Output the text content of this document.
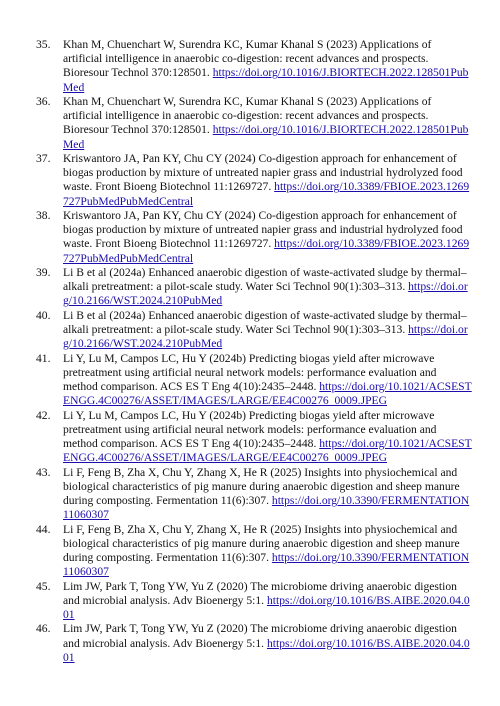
35.	Khan M, Chuenchart W, Surendra KC, Kumar Khanal S (2023) Applications of artificial intelligence in anaerobic co-digestion: recent advances and prospects. Bioresour Technol 370:128501. https://doi.org/10.1016/J.BIORTECH.2022.128501PubMed
36.	Khan M, Chuenchart W, Surendra KC, Kumar Khanal S (2023) Applications of artificial intelligence in anaerobic co-digestion: recent advances and prospects. Bioresour Technol 370:128501. https://doi.org/10.1016/J.BIORTECH.2022.128501PubMed
37.	Kriswantoro JA, Pan KY, Chu CY (2024) Co-digestion approach for enhancement of biogas production by mixture of untreated napier grass and industrial hydrolyzed food waste. Front Bioeng Biotechnol 11:1269727. https://doi.org/10.3389/FBIOE.2023.1269727PubMedPubMedCentral
38.	Kriswantoro JA, Pan KY, Chu CY (2024) Co-digestion approach for enhancement of biogas production by mixture of untreated napier grass and industrial hydrolyzed food waste. Front Bioeng Biotechnol 11:1269727. https://doi.org/10.3389/FBIOE.2023.1269727PubMedPubMedCentral
39.	Li B et al (2024a) Enhanced anaerobic digestion of waste-activated sludge by thermal–alkali pretreatment: a pilot-scale study. Water Sci Technol 90(1):303–313. https://doi.org/10.2166/WST.2024.210PubMed
40.	Li B et al (2024a) Enhanced anaerobic digestion of waste-activated sludge by thermal–alkali pretreatment: a pilot-scale study. Water Sci Technol 90(1):303–313. https://doi.org/10.2166/WST.2024.210PubMed
41.	Li Y, Lu M, Campos LC, Hu Y (2024b) Predicting biogas yield after microwave pretreatment using artificial neural network models: performance evaluation and method comparison. ACS ES T Eng 4(10):2435–2448. https://doi.org/10.1021/ACSESTENGG.4C00276/ASSET/IMAGES/LARGE/EE4C00276_0009.JPEG
42.	Li Y, Lu M, Campos LC, Hu Y (2024b) Predicting biogas yield after microwave pretreatment using artificial neural network models: performance evaluation and method comparison. ACS ES T Eng 4(10):2435–2448. https://doi.org/10.1021/ACSESTENGG.4C00276/ASSET/IMAGES/LARGE/EE4C00276_0009.JPEG
43.	Li F, Feng B, Zha X, Chu Y, Zhang X, He R (2025) Insights into physiochemical and biological characteristics of pig manure during anaerobic digestion and sheep manure during composting. Fermentation 11(6):307. https://doi.org/10.3390/FERMENTATION11060307
44.	Li F, Feng B, Zha X, Chu Y, Zhang X, He R (2025) Insights into physiochemical and biological characteristics of pig manure during anaerobic digestion and sheep manure during composting. Fermentation 11(6):307. https://doi.org/10.3390/FERMENTATION11060307
45.	Lim JW, Park T, Tong YW, Yu Z (2020) The microbiome driving anaerobic digestion and microbial analysis. Adv Bioenergy 5:1. https://doi.org/10.1016/BS.AIBE.2020.04.001
46.	Lim JW, Park T, Tong YW, Yu Z (2020) The microbiome driving anaerobic digestion and microbial analysis. Adv Bioenergy 5:1. https://doi.org/10.1016/BS.AIBE.2020.04.001
